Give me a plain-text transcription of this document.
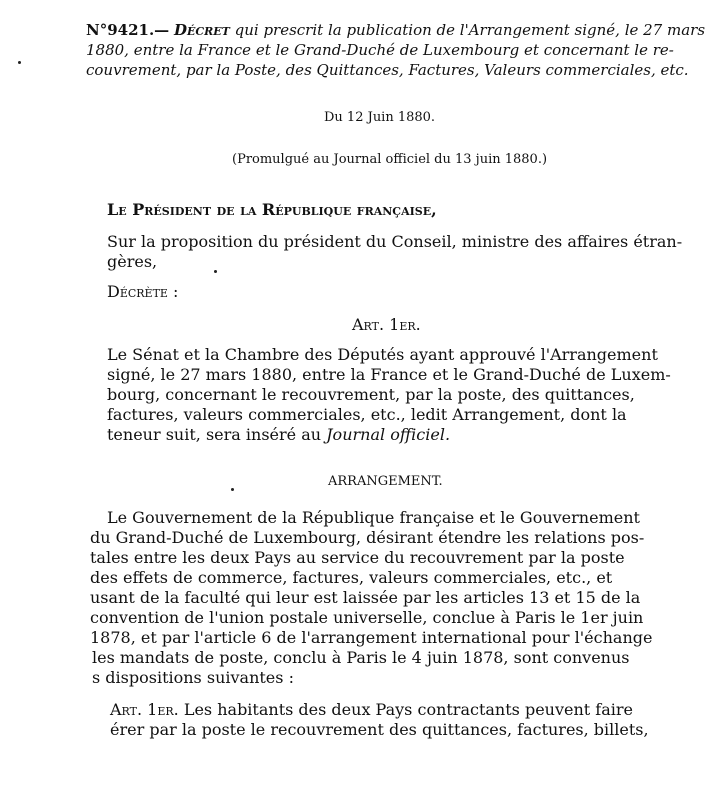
N°9421.— Décret qui prescrit la publication de l'Arrangement signé, le 27 mars
1880, entre la France et le Grand-Duché de Luxembourg et concernant le re-
couvrement, par la Poste, des Quittances, Factures, Valeurs commerciales, etc.
Du 12 Juin 1880.
(Promulgué au Journal officiel du 13 juin 1880.)
Le Président de la République française,
Sur la proposition du président du Conseil, ministre des affaires étran-
gères,
Décrète :
Art. 1er.
Le Sénat et la Chambre des Députés ayant approuvé l'Arrangement
signé, le 27 mars 1880, entre la France et le Grand-Duché de Luxem-
bourg, concernant le recouvrement, par la poste, des quittances,
factures, valeurs commerciales, etc., ledit Arrangement, dont la
teneur suit, sera inséré au Journal officiel.
ARRANGEMENT.
Le Gouvernement de la République française et le Gouvernement
du Grand-Duché de Luxembourg, désirant étendre les relations pos-
tales entre les deux Pays au service du recouvrement par la poste
des effets de commerce, factures, valeurs commerciales, etc., et
usant de la faculté qui leur est laissée par les articles 13 et 15 de la
convention de l'union postale universelle, conclue à Paris le 1er juin
1878, et par l'article 6 de l'arrangement international pour l'échange
les mandats de poste, conclu à Paris le 4 juin 1878, sont convenus
s dispositions suivantes :
Art. 1er. Les habitants des deux Pays contractants peuvent faire
érer par la poste le recouvrement des quittances, factures, billets,
